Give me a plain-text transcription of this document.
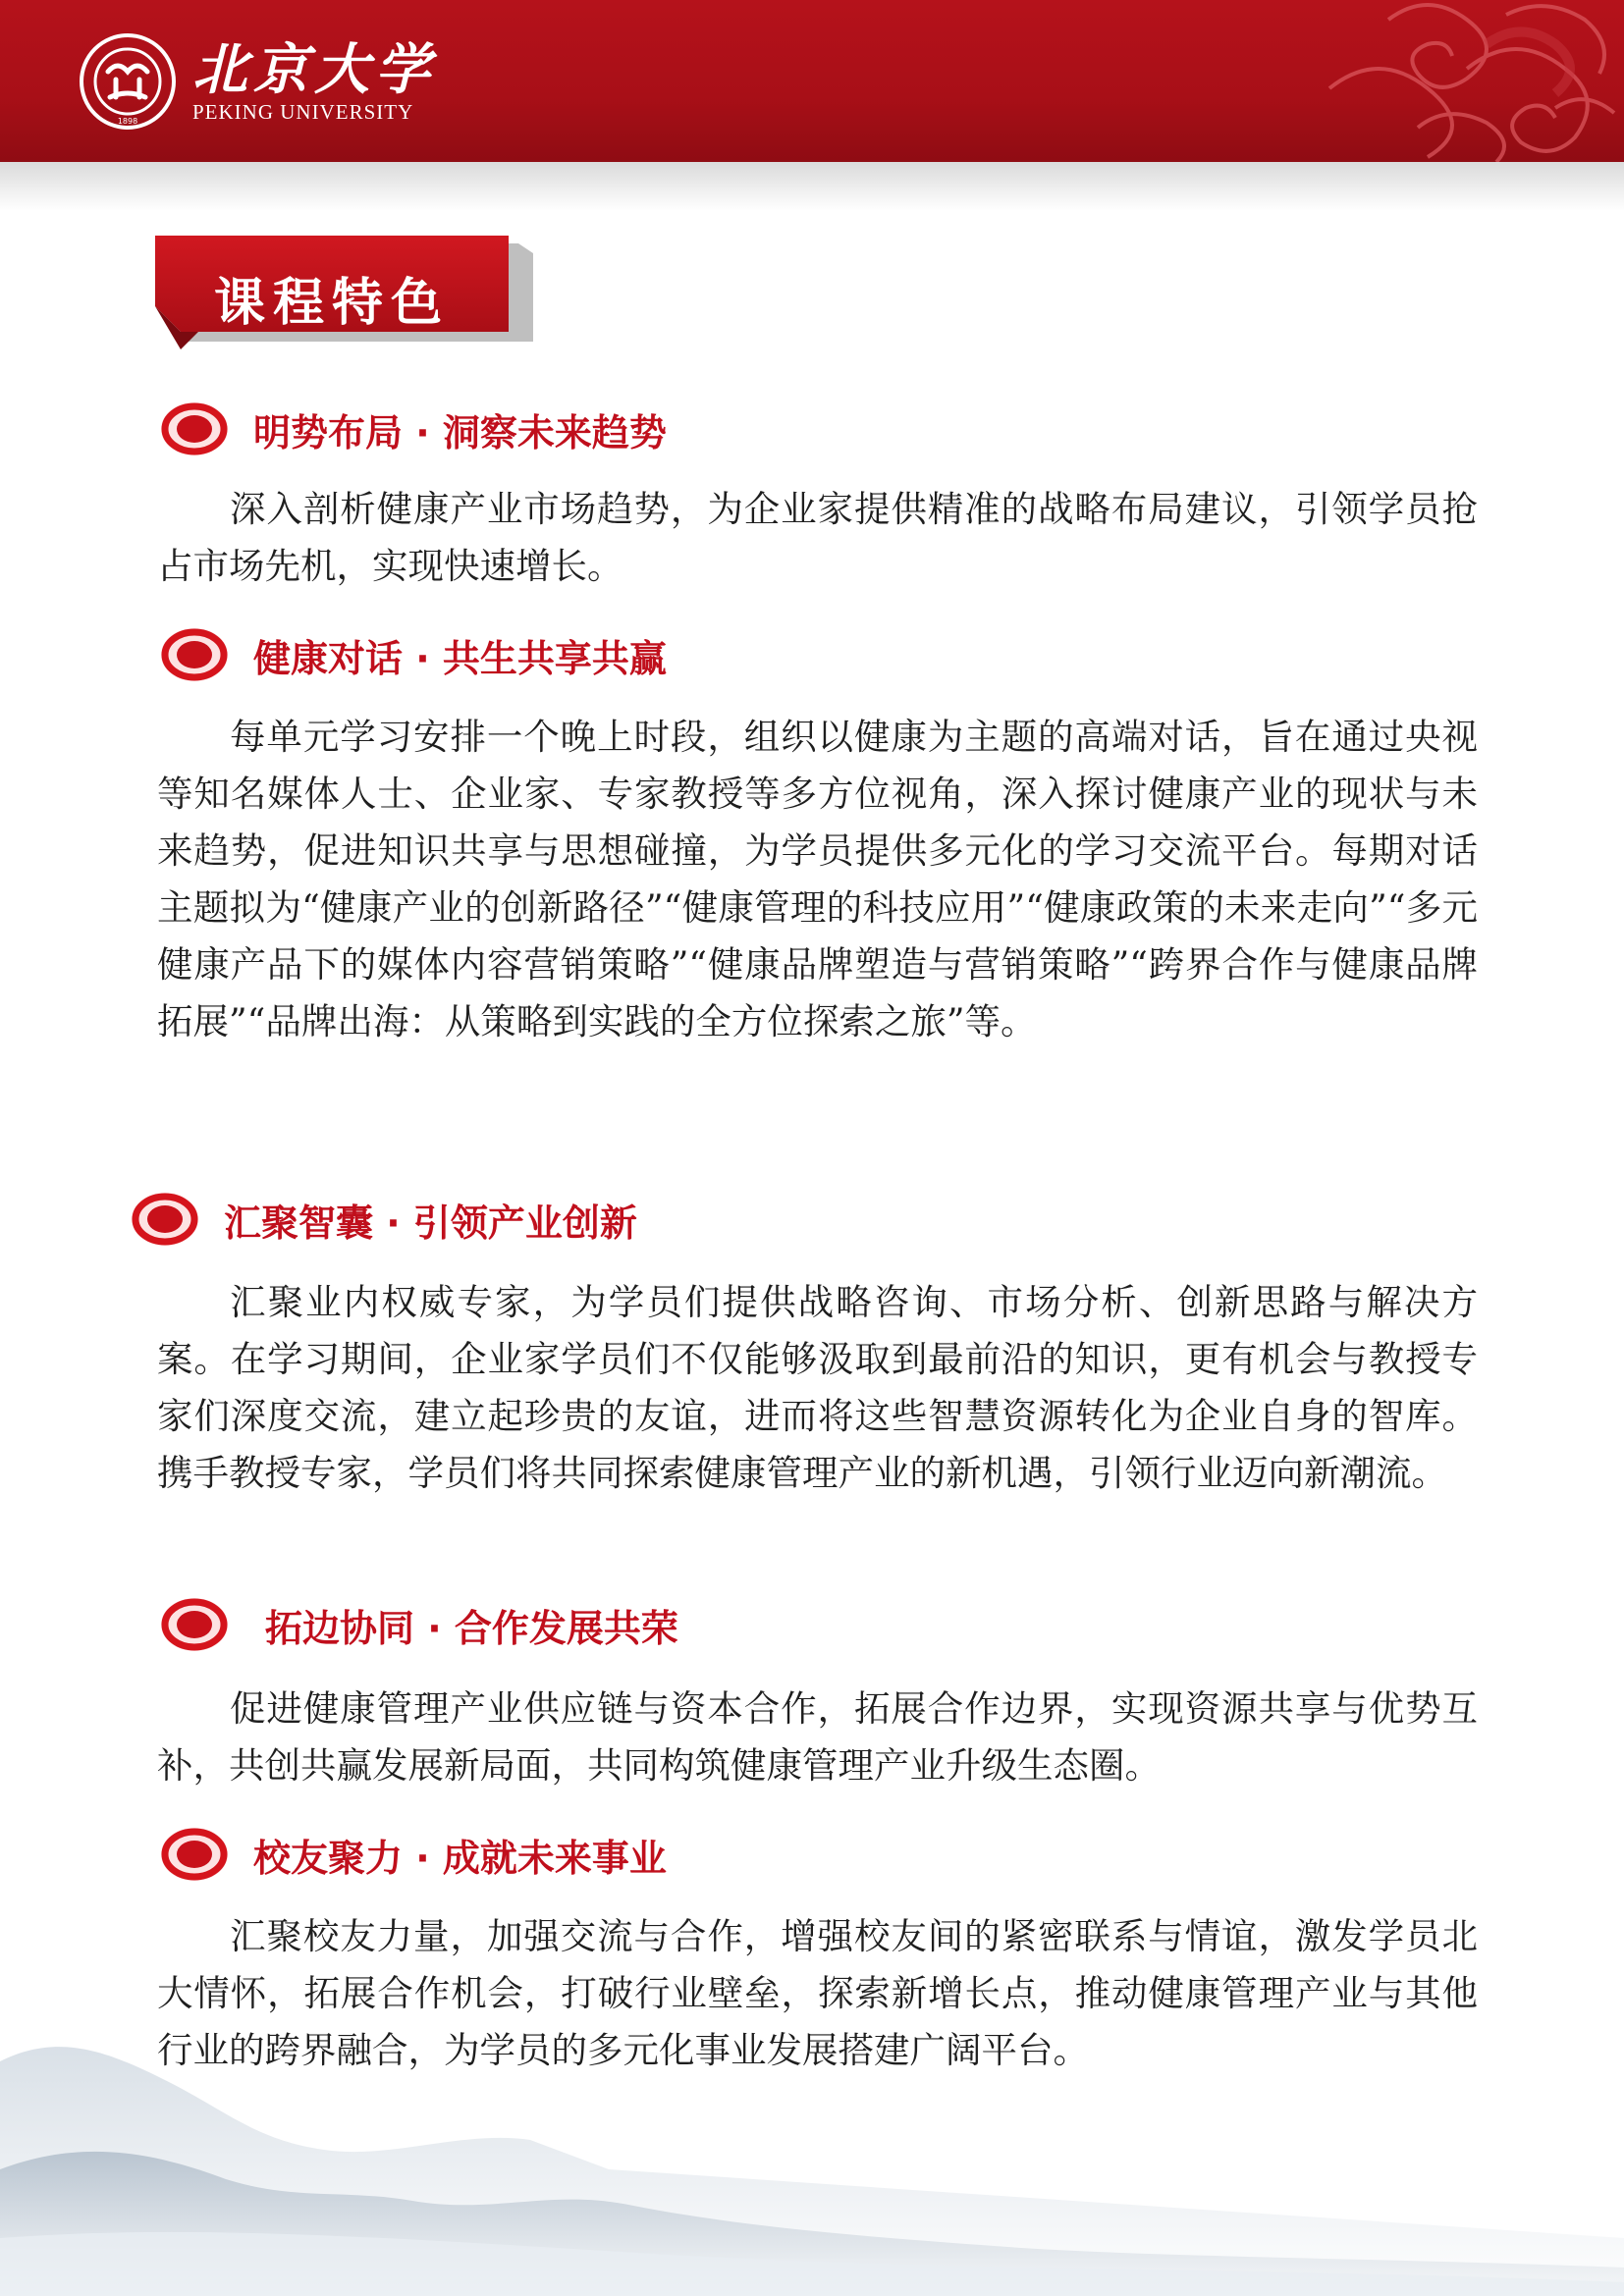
1898
北京大学
PEKING UNIVERSITY
课程特色
明势布局 · 洞察未来趋势
深入剖析健康产业市场趋势，为企业家提供精准的战略布局建议，引领学员抢占市场先机，实现快速增长。
健康对话 · 共生共享共赢
每单元学习安排一个晚上时段，组织以健康为主题的高端对话，旨在通过央视等知名媒体人士、企业家、专家教授等多方位视角，深入探讨健康产业的现状与未来趋势，促进知识共享与思想碰撞，为学员提供多元化的学习交流平台。每期对话主题拟为“健康产业的创新路径”“健康管理的科技应用”“健康政策的未来走向”“多元健康产品下的媒体内容营销策略”“健康品牌塑造与营销策略”“跨界合作与健康品牌拓展”“品牌出海：从策略到实践的全方位探索之旅”等。
汇聚智囊 · 引领产业创新
汇聚业内权威专家，为学员们提供战略咨询、市场分析、创新思路与解决方案。在学习期间，企业家学员们不仅能够汲取到最前沿的知识，更有机会与教授专家们深度交流，建立起珍贵的友谊，进而将这些智慧资源转化为企业自身的智库。携手教授专家，学员们将共同探索健康管理产业的新机遇，引领行业迈向新潮流。
拓边协同 · 合作发展共荣
促进健康管理产业供应链与资本合作，拓展合作边界，实现资源共享与优势互补，共创共赢发展新局面，共同构筑健康管理产业升级生态圈。
校友聚力 · 成就未来事业
汇聚校友力量，加强交流与合作，增强校友间的紧密联系与情谊，激发学员北大情怀，拓展合作机会，打破行业壁垒，探索新增长点，推动健康管理产业与其他行业的跨界融合，为学员的多元化事业发展搭建广阔平台。
